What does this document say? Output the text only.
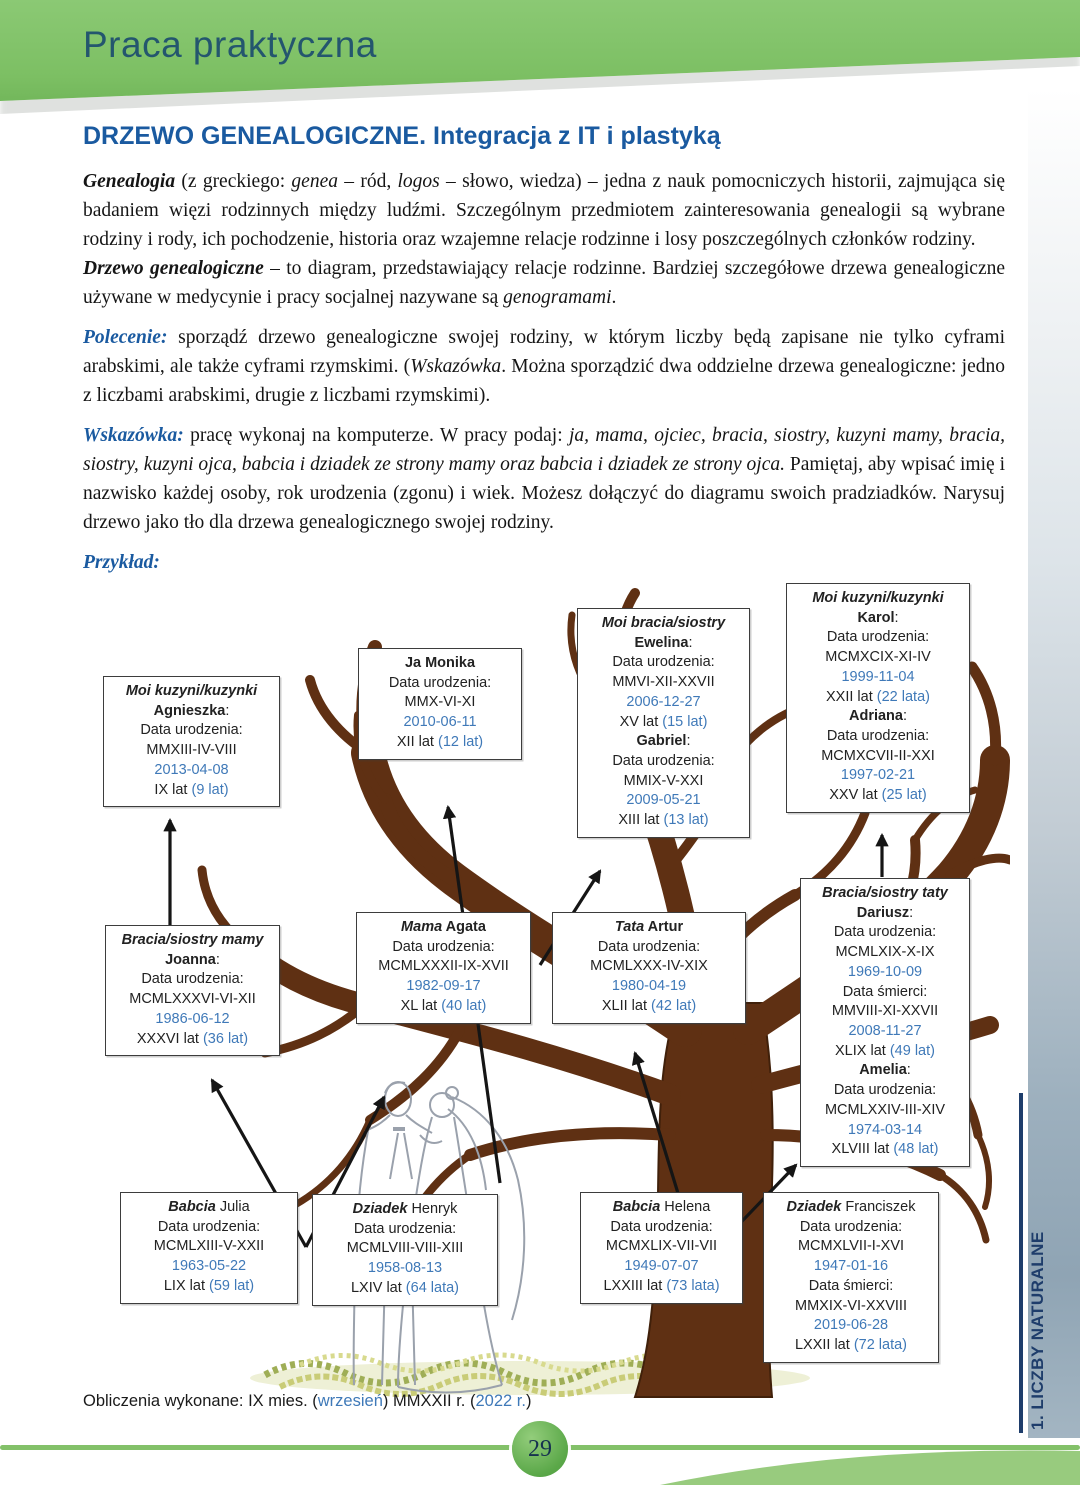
Praca praktyczna
1. LICZBY NATURALNE
DRZEWO GENEALOGICZNE. Integracja z IT i plastyką

Genealogia (z greckiego: genea – ród, logos – słowo, wiedza) – jedna z nauk pomocniczych historii, zajmująca się badaniem więzi rodzinnych między ludźmi. Szczególnym przedmiotem zainteresowania genealogii są wybrane rodziny i rody, ich pochodzenie, historia oraz wzajemne relacje rodzinne i losy poszczególnych członków rodziny.

Drzewo genealogiczne – to diagram, przedstawiający relacje rodzinne. Bardziej szczegółowe drzewa genealogiczne używane w medycynie i pracy socjalnej nazywane są genogramami.

Polecenie: sporządź drzewo genealogiczne swojej rodziny, w którym liczby będą zapisane nie tylko cyframi arabskimi, ale także cyframi rzymskimi. (Wskazówka. Można sporządzić dwa oddzielne drzewa genealogiczne: jedno z liczbami arabskimi, drugie z liczbami rzymskimi).

Wskazówka: pracę wykonaj na komputerze. W pracy podaj: ja, mama, ojciec, bracia, siostry, kuzyni mamy, bracia, siostry, kuzyni ojca, babcia i dziadek ze strony mamy oraz babcia i dziadek ze strony ojca. Pamiętaj, aby wpisać imię i nazwisko każdej osoby, rok urodzenia (zgonu) i wiek. Możesz dołączyć do diagramu swoich pradziadków. Narysuj drzewo jako tło dla drzewa genealogicznego swojej rodziny.

Przykład:

Moi kuzyni/kuzynki
Agnieszka:
Data urodzenia:
MMXIII-IV-VIII
2013-04-08
IX lat (9 lat)
Ja Monika
Data urodzenia:
MMX-VI-XI
2010-06-11
XII lat (12 lat)
Moi bracia/siostry
Ewelina:
Data urodzenia:
MMVI-XII-XXVII
2006-12-27
XV lat (15 lat)
Gabriel:
Data urodzenia:
MMIX-V-XXI
2009-05-21
XIII lat (13 lat)
Moi kuzyni/kuzynki
Karol:
Data urodzenia:
MCMXCIX-XI-IV
1999-11-04
XXII lat (22 lata)
Adriana:
Data urodzenia:
MCMXCVII-II-XXI
1997-02-21
XXV lat (25 lat)
Bracia/siostry mamy
Joanna:
Data urodzenia:
MCMLXXXVI-VI-XII
1986-06-12
XXXVI lat (36 lat)
Mama Agata
Data urodzenia:
MCMLXXXII-IX-XVII
1982-09-17
XL lat (40 lat)
Tata Artur
Data urodzenia:
MCMLXXX-IV-XIX
1980-04-19
XLII lat (42 lat)
Bracia/siostry taty
Dariusz:
Data urodzenia:
MCMLXIX-X-IX
1969-10-09
Data śmierci:
MMVIII-XI-XXVII
2008-11-27
XLIX lat (49 lat)
Amelia:
Data urodzenia:
MCMLXXIV-III-XIV
1974-03-14
XLVIII lat (48 lat)
Babcia Julia
Data urodzenia:
MCMLXIII-V-XXII
1963-05-22
LIX lat (59 lat)
Dziadek Henryk
Data urodzenia:
MCMLVIII-VIII-XIII
1958-08-13
LXIV lat (64 lata)
Babcia Helena
Data urodzenia:
MCMXLIX-VII-VII
1949-07-07
LXXIII lat (73 lata)
Dziadek Franciszek
Data urodzenia:
MCMXLVII-I-XVI
1947-01-16
Data śmierci:
MMXIX-VI-XXVIII
2019-06-28
LXXII lat (72 lata)
Obliczenia wykonane: IX mies. (wrzesień) MMXXII r. (2022 r.)
29
